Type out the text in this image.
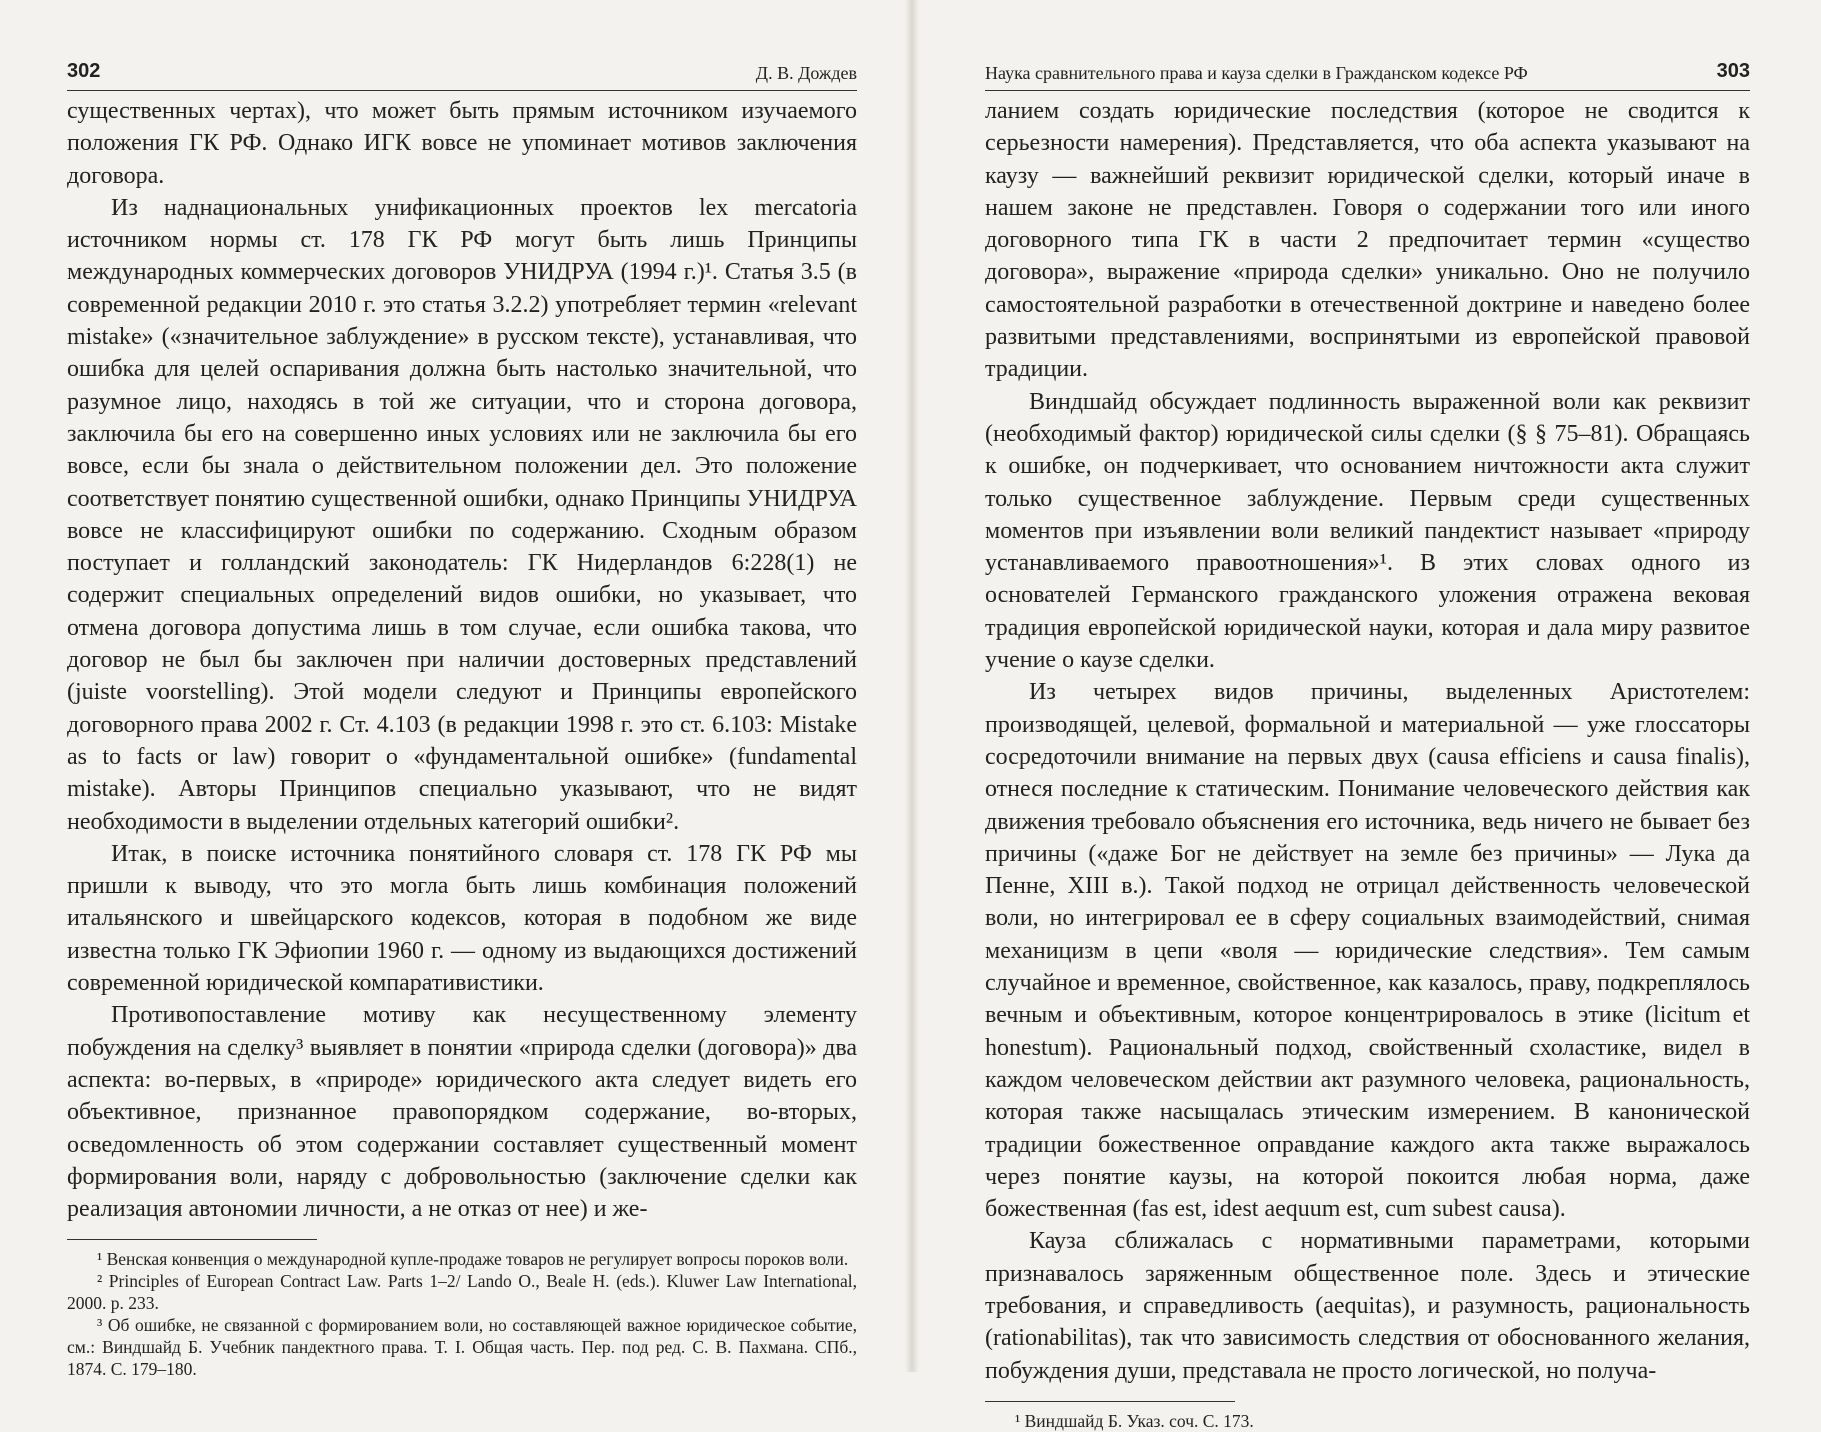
302	Д. В. Дождев

существенных чертах), что может быть прямым источником изучаемого положения ГК РФ. Однако ИГК вовсе не упоминает мотивов заключения договора.

Из наднациональных унификационных проектов lex mercatoria источником нормы ст. 178 ГК РФ могут быть лишь Принципы международных коммерческих договоров УНИДРУА (1994 г.)¹. Статья 3.5 (в современной редакции 2010 г. это статья 3.2.2) употребляет термин «relevant mistake» («значительное заблуждение» в русском тексте), устанавливая, что ошибка для целей оспаривания должна быть настолько значительной, что разумное лицо, находясь в той же ситуации, что и сторона договора, заключила бы его на совершенно иных условиях или не заключила бы его вовсе, если бы знала о действительном положении дел. Это положение соответствует понятию существенной ошибки, однако Принципы УНИДРУА вовсе не классифицируют ошибки по содержанию. Сходным образом поступает и голландский законодатель: ГК Нидерландов 6:228(1) не содержит специальных определений видов ошибки, но указывает, что отмена договора допустима лишь в том случае, если ошибка такова, что договор не был бы заключен при наличии достоверных представлений (juiste voorstelling). Этой модели следуют и Принципы европейского договорного права 2002 г. Ст. 4.103 (в редакции 1998 г. это ст. 6.103: Mistake as to facts or law) говорит о «фундаментальной ошибке» (fundamental mistake). Авторы Принципов специально указывают, что не видят необходимости в выделении отдельных категорий ошибки².

Итак, в поиске источника понятийного словаря ст. 178 ГК РФ мы пришли к выводу, что это могла быть лишь комбинация положений итальянского и швейцарского кодексов, которая в подобном же виде известна только ГК Эфиопии 1960 г. — одному из выдающихся достижений современной юридической компаративистики.

Противопоставление мотиву как несущественному элементу побуждения на сделку³ выявляет в понятии «природа сделки (договора)» два аспекта: во-первых, в «природе» юридического акта следует видеть его объективное, признанное правопорядком содержание, во-вторых, осведомленность об этом содержании составляет существенный момент формирования воли, наряду с добровольностью (заключение сделки как реализация автономии личности, а не отказ от нее) и же-

¹ Венская конвенция о международной купле-продаже товаров не регулирует вопросы пороков воли.

² Principles of European Contract Law. Parts 1–2/ Lando O., Beale H. (eds.). Kluwer Law International, 2000. p. 233.

³ Об ошибке, не связанной с формированием воли, но составляющей важное юридическое событие, см.: Виндшайд Б. Учебник пандектного права. Т. I. Общая часть. Пер. под ред. С. В. Пахмана. СПб., 1874. С. 179–180.

Наука сравнительного права и кауза сделки в Гражданском кодексе РФ	303

ланием создать юридические последствия (которое не сводится к серьезности намерения). Представляется, что оба аспекта указывают на каузу — важнейший реквизит юридической сделки, который иначе в нашем законе не представлен. Говоря о содержании того или иного договорного типа ГК в части 2 предпочитает термин «существо договора», выражение «природа сделки» уникально. Оно не получило самостоятельной разработки в отечественной доктрине и наведено более развитыми представлениями, воспринятыми из европейской правовой традиции.

Виндшайд обсуждает подлинность выраженной воли как реквизит (необходимый фактор) юридической силы сделки (§ § 75–81). Обращаясь к ошибке, он подчеркивает, что основанием ничтожности акта служит только существенное заблуждение. Первым среди существенных моментов при изъявлении воли великий пандектист называет «природу устанавливаемого правоотношения»¹. В этих словах одного из основателей Германского гражданского уложения отражена вековая традиция европейской юридической науки, которая и дала миру развитое учение о каузе сделки.

Из четырех видов причины, выделенных Аристотелем: производящей, целевой, формальной и материальной — уже глоссаторы сосредоточили внимание на первых двух (causa efficiens и causa finalis), отнеся последние к статическим. Понимание человеческого действия как движения требовало объяснения его источника, ведь ничего не бывает без причины («даже Бог не действует на земле без причины» — Лука да Пенне, XIII в.). Такой подход не отрицал действенность человеческой воли, но интегрировал ее в сферу социальных взаимодействий, снимая механицизм в цепи «воля — юридические следствия». Тем самым случайное и временное, свойственное, как казалось, праву, подкреплялось вечным и объективным, которое концентрировалось в этике (licitum et honestum). Рациональный подход, свойственный схоластике, видел в каждом человеческом действии акт разумного человека, рациональность, которая также насыщалась этическим измерением. В канонической традиции божественное оправдание каждого акта также выражалось через понятие каузы, на которой покоится любая норма, даже божественная (fas est, idest aequum est, cum subest causa).

Кауза сближалась с нормативными параметрами, которыми признавалось заряженным общественное поле. Здесь и этические требования, и справедливость (aequitas), и разумность, рациональность (rationabilitas), так что зависимость следствия от обоснованного желания, побуждения души, представала не просто логической, но получа-

¹ Виндшайд Б. Указ. соч. С. 173.
